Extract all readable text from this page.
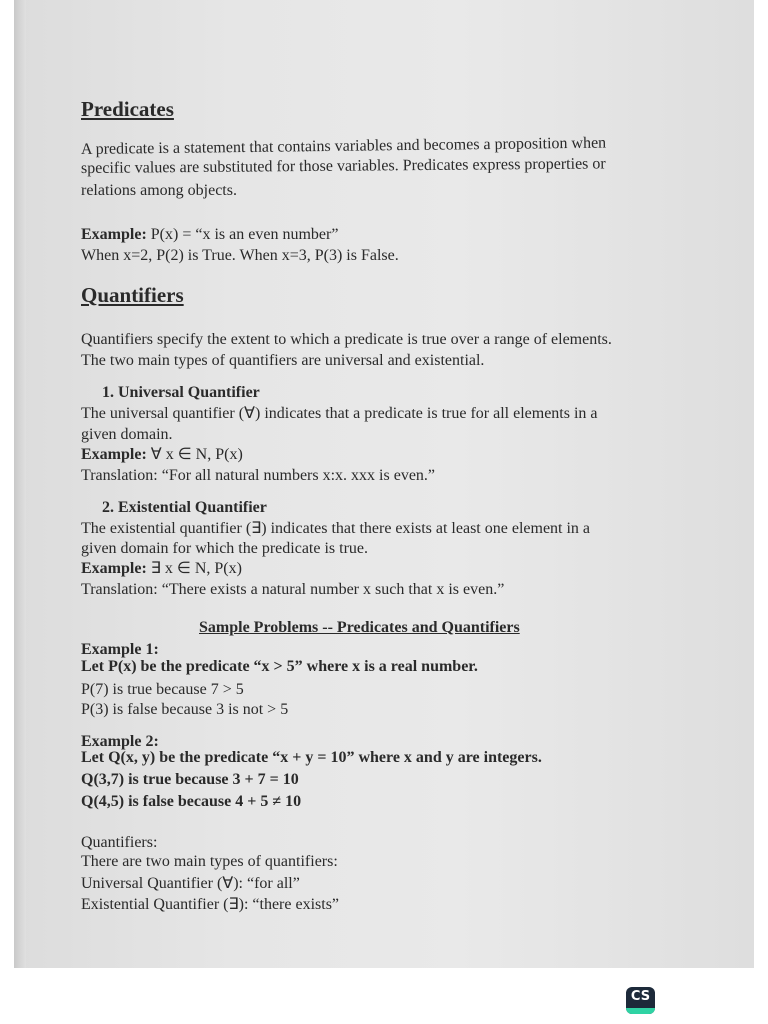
Predicates
A predicate is a statement that contains variables and becomes a proposition when
specific values are substituted for those variables. Predicates express properties or
relations among objects.
Example: P(x) = “x is an even number”
When x=2, P(2) is True. When x=3, P(3) is False.
Quantifiers
Quantifiers specify the extent to which a predicate is true over a range of elements.
The two main types of quantifiers are universal and existential.
1. Universal Quantifier
The universal quantifier (∀) indicates that a predicate is true for all elements in a
given domain.
Example: ∀ x ∈ N, P(x)
Translation: “For all natural numbers x:x. xxx is even.”
2. Existential Quantifier
The existential quantifier (∃) indicates that there exists at least one element in a
given domain for which the predicate is true.
Example: ∃ x ∈ N, P(x)
Translation: “There exists a natural number x such that x is even.”
Sample Problems -- Predicates and Quantifiers
Example 1:
Let P(x) be the predicate “x > 5” where x is a real number.
P(7) is true because 7 > 5
P(3) is false because 3 is not > 5
Example 2:
Let Q(x, y) be the predicate “x + y = 10” where x and y are integers.
Q(3,7) is true because 3 + 7 = 10
Q(4,5) is false because 4 + 5 ≠ 10
Quantifiers:
There are two main types of quantifiers:
Universal Quantifier (∀): “for all”
Existential Quantifier (∃): “there exists”
CS
